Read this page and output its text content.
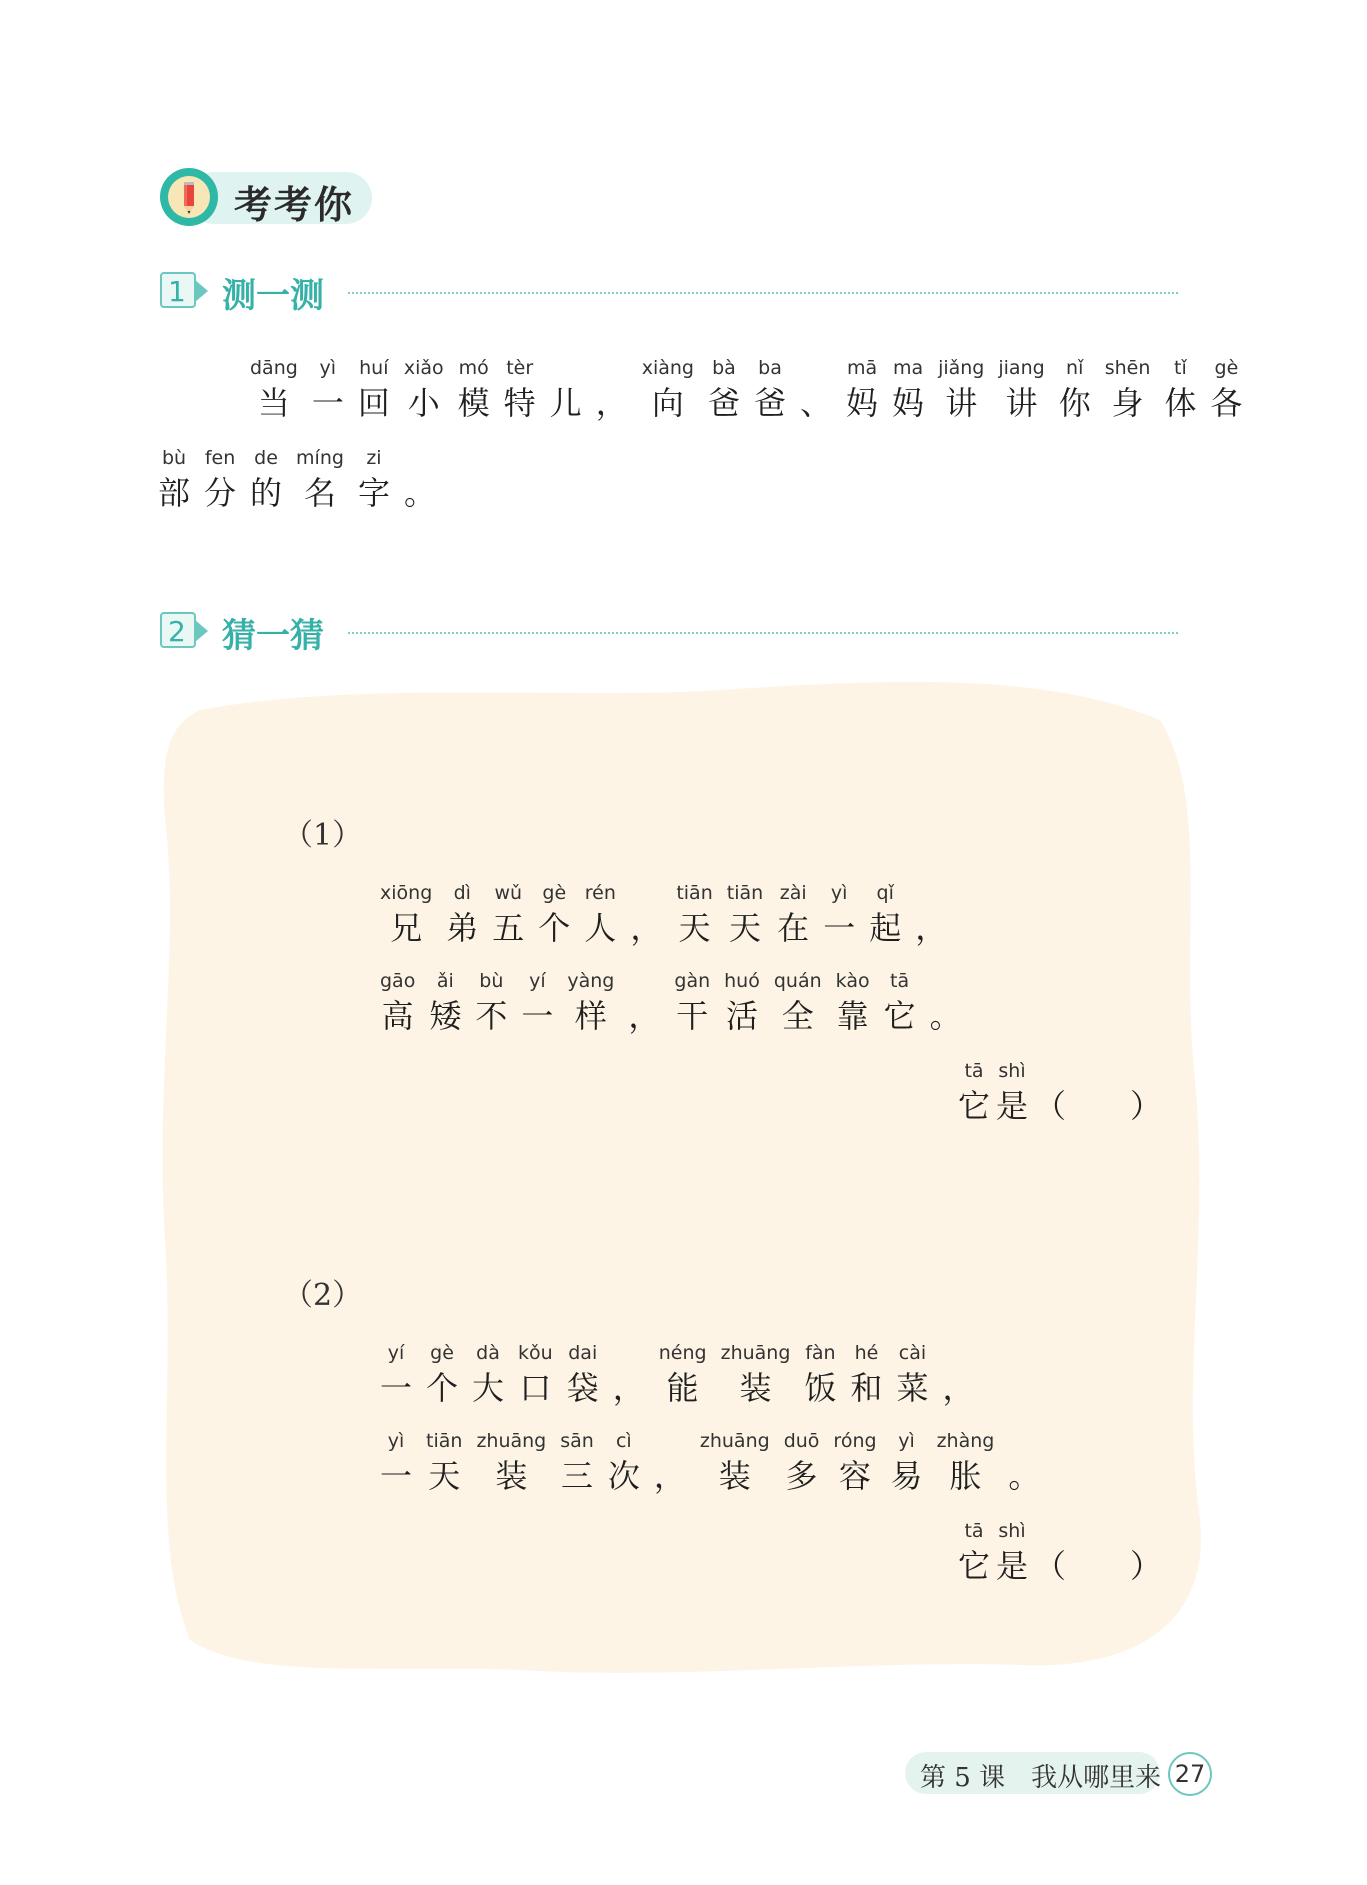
考考你
1 测一测
dāng
当
yì
一
huí
回
xiǎo
小
mó
模
tèr
特 儿 ，
xiàng
向
bà
爸
ba
爸 、
mā
妈
ma
妈
jiǎng
讲
jiang
讲
nǐ
你
shēn
身
tǐ
体
gè
各
bù
部
fen
分
de
的
míng
名
zi
字 。
2 猜一猜
（1）
xiōng
兄
dì
弟
wǔ
五
gè
个
rén
人 ，
tiān
天
tiān
天
zài
在
yì
一
qǐ
起 ，
gāo
高
ǎi
矮
bù
不
yí
一
yàng
样 ，
gàn
干
huó
活
quán
全
kào
靠
tā
它 。
tā
它
shì
是 （　　）
（2）
yí
一
gè
个
dà
大
kǒu
口
dai
袋 ，
néng
能
zhuāng
装
fàn
饭
hé
和
cài
菜 ，
yì
一
tiān
天
zhuāng
装
sān
三
cì
次 ，
zhuāng
装
duō
多
róng
容
yì
易
zhàng
胀 。
tā
它
shì
是 （　　）
第 5 课　我从哪里来 27
